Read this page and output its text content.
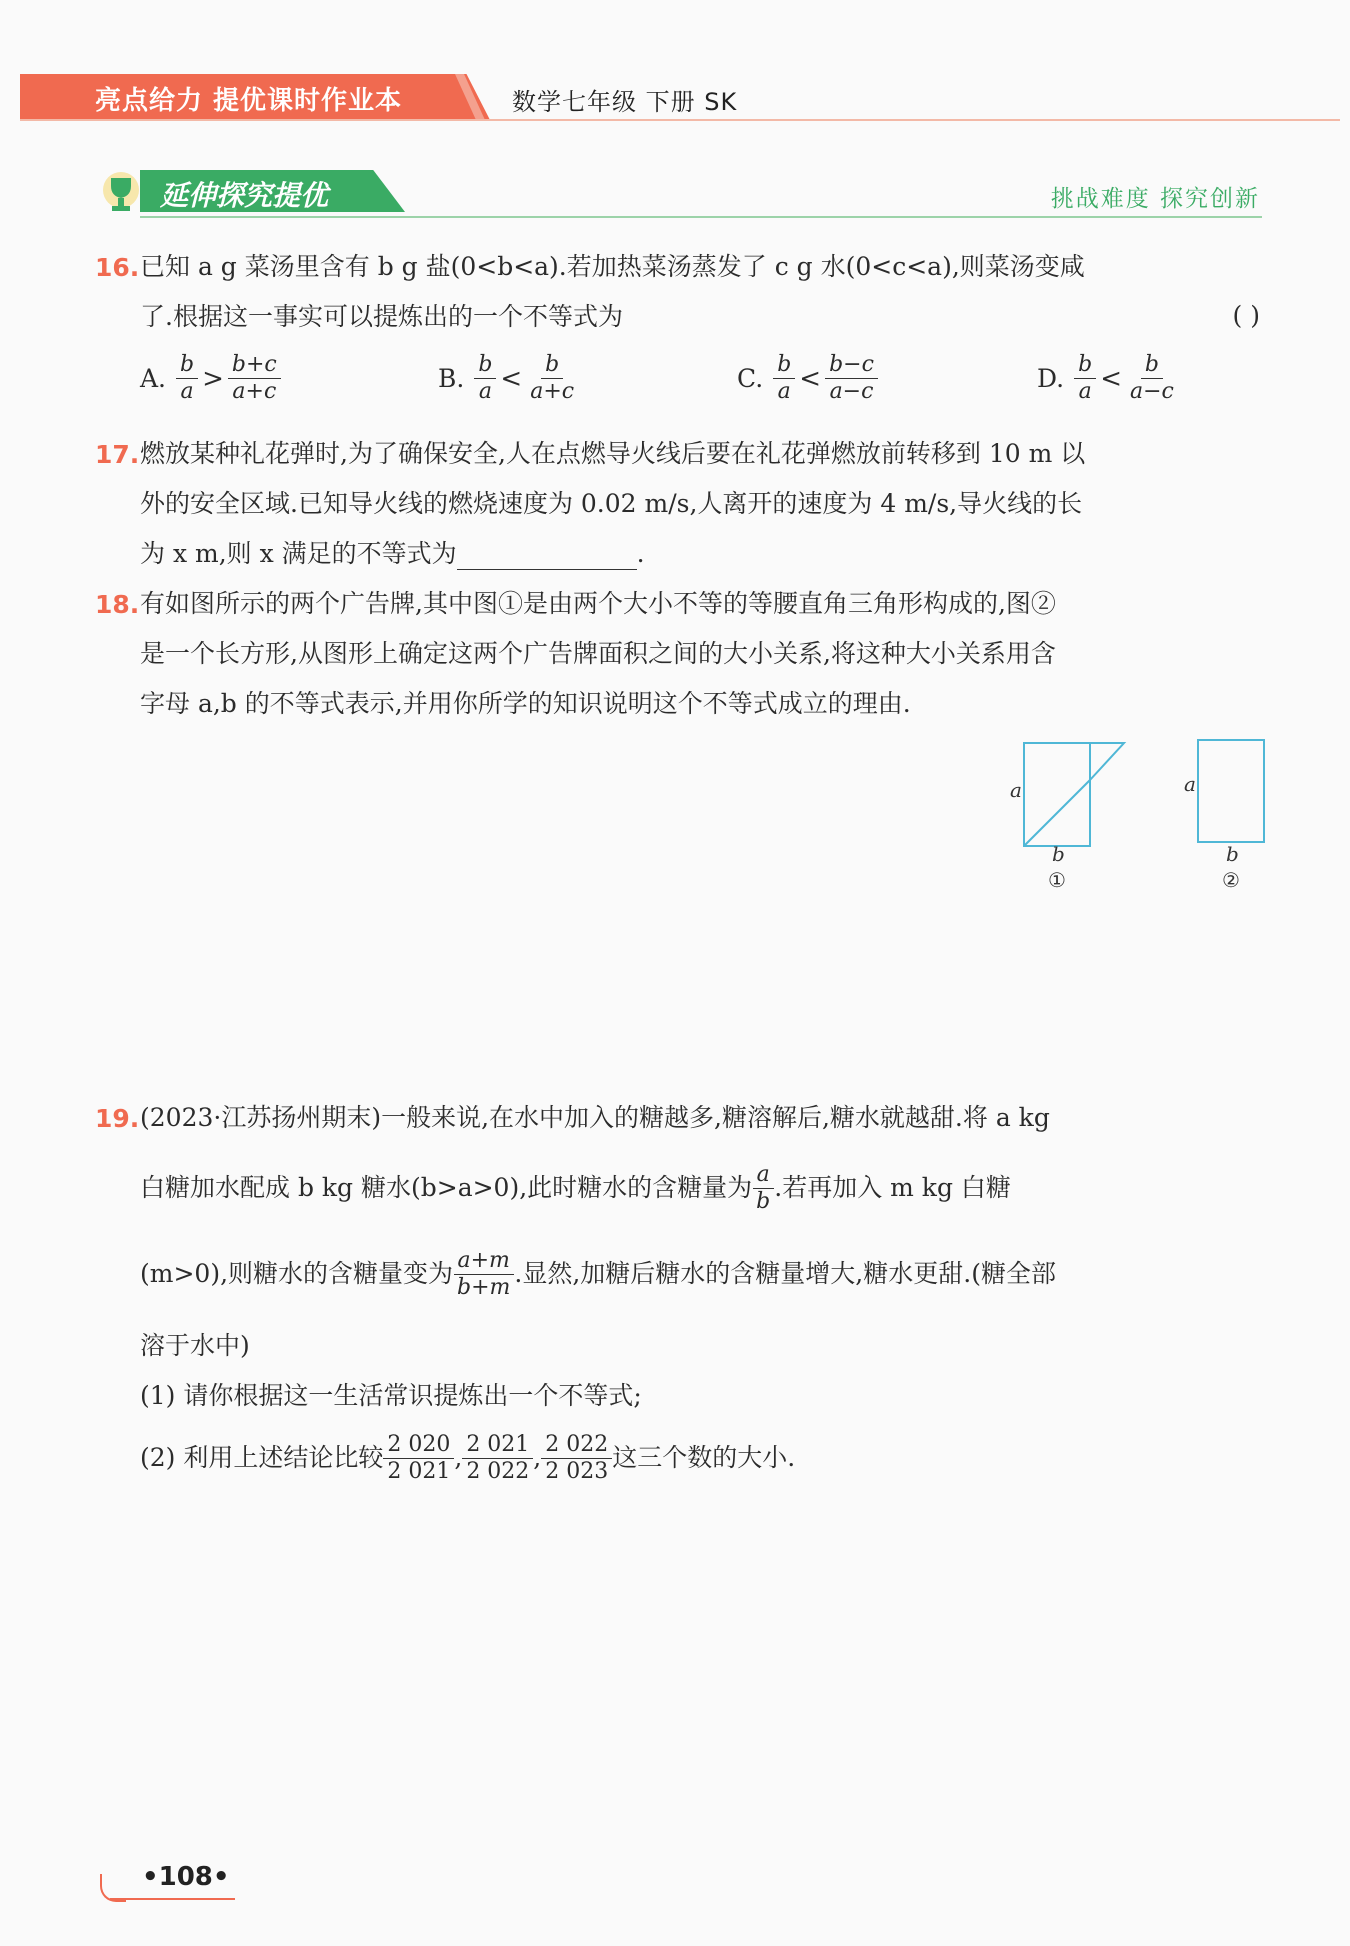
亮点给力 提优课时作业本	数学七年级 下册 SK
延伸探究提优	挑战难度 探究创新
16. 已知 a g 菜汤里含有 b g 盐(0<b<a).若加热菜汤蒸发了 c g 水(0<c<a),则菜汤变咸
了.根据这一事实可以提炼出的一个不等式为	( )
A. $\frac{b}{a} > \frac{b+c}{a+c}$	B. $\frac{b}{a} < \frac{b}{a+c}$	C. $\frac{b}{a} < \frac{b-c}{a-c}$	D. $\frac{b}{a} < \frac{b}{a-c}$
17. 燃放某种礼花弹时,为了确保安全,人在点燃导火线后要在礼花弹燃放前转移到 10 m 以
外的安全区域.已知导火线的燃烧速度为 0.02 m/s,人离开的速度为 4 m/s,导火线的长
为 x m,则 x 满足的不等式为	.
18. 有如图所示的两个广告牌,其中图①是由两个大小不等的等腰直角三角形构成的,图②
是一个长方形,从图形上确定这两个广告牌面积之间的大小关系,将这种大小关系用含
字母 a,b 的不等式表示,并用你所学的知识说明这个不等式成立的理由.
a
b
①
a
b
②
19. (2023·江苏扬州期末)一般来说,在水中加入的糖越多,糖溶解后,糖水就越甜.将 a kg
白糖加水配成 b kg 糖水(b>a>0),此时糖水的含糖量为 $\frac{a}{b}$ .若再加入 m kg 白糖
(m>0),则糖水的含糖量变为 $\frac{a+m}{b+m}$ .显然,加糖后糖水的含糖量增大,糖水更甜.(糖全部
溶于水中)
(1) 请你根据这一生活常识提炼出一个不等式;
(2) 利用上述结论比较 $\frac{2 020}{2 021}$ , $\frac{2 021}{2 022}$ , $\frac{2 022}{2 023}$ 这三个数的大小.
•108•
